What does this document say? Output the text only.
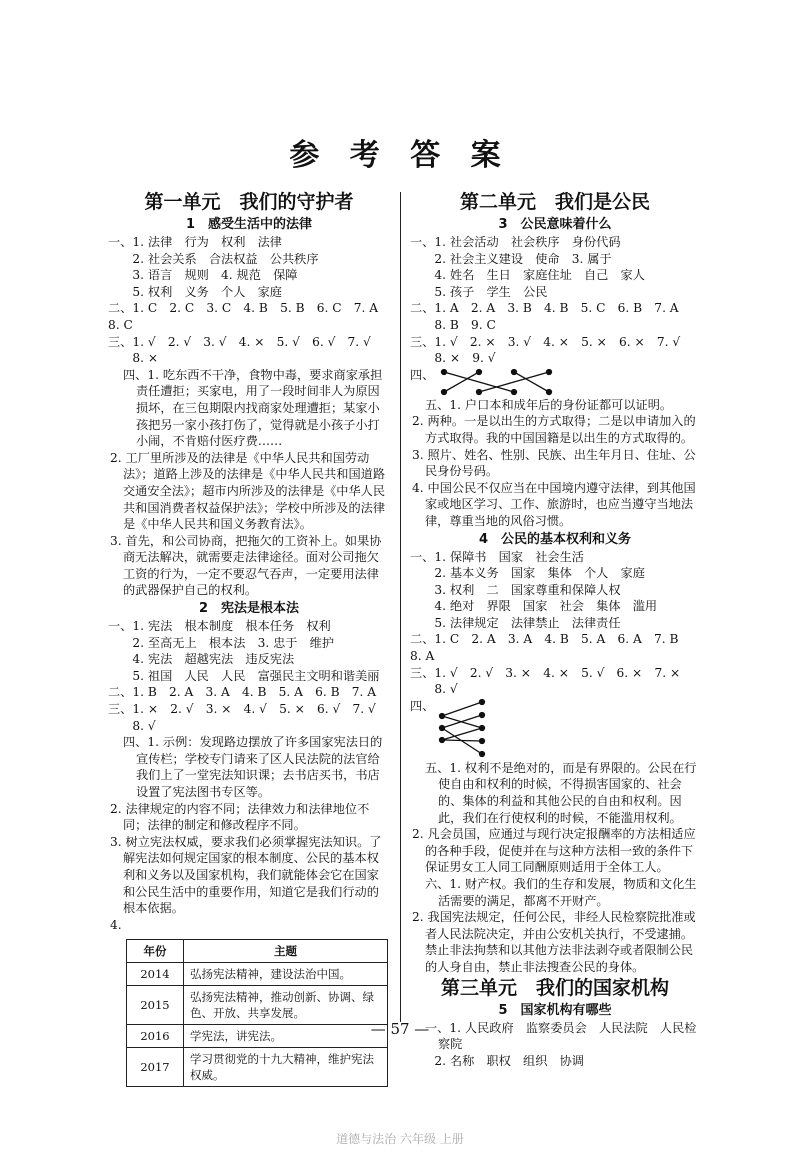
参 考 答 案
第一单元　我们的守护者
1　感受生活中的法律
一、1. 法律　行为　权利　法律
　　2. 社会关系　合法权益　公共秩序
　　3. 语言　规则　4. 规范　保障
　　5. 权利　义务　个人　家庭
二、1. C　2. C　3. C　4. B　5. B　6. C　7. A　8. C
三、1. √　2. √　3. √　4. ×　5. √　6. √　7. √
　　8. ×
四、1. 吃东西不干净，食物中毒，要求商家承担责任遭拒；买家电，用了一段时间非人为原因损坏，在三包期限内找商家处理遭拒；某家小孩把另一家小孩打伤了，觉得就是小孩子小打小闹，不肯赔付医疗费……
2. 工厂里所涉及的法律是《中华人民共和国劳动法》；道路上涉及的法律是《中华人民共和国道路交通安全法》；超市内所涉及的法律是《中华人民共和国消费者权益保护法》；学校中所涉及的法律是《中华人民共和国义务教育法》。
3. 首先，和公司协商，把拖欠的工资补上。如果协商无法解决，就需要走法律途径。面对公司拖欠工资的行为，一定不要忍气吞声，一定要用法律的武器保护自己的权利。
2　宪法是根本法
一、1. 宪法　根本制度　根本任务　权利
　　2. 至高无上　根本法　3. 忠于　维护
　　4. 宪法　超越宪法　违反宪法
　　5. 祖国　人民　人民　富强民主文明和谐美丽
二、1. B　2. A　3. A　4. B　5. A　6. B　7. A
三、1. ×　2. √　3. ×　4. √　5. ×　6. √　7. √
　　8. √
四、1. 示例：发现路边摆放了许多国家宪法日的宣传栏；学校专门请来了区人民法院的法官给我们上了一堂宪法知识课；去书店买书，书店设置了宪法图书专区等。
2. 法律规定的内容不同；法律效力和法律地位不同；法律的制定和修改程序不同。
3. 树立宪法权威，要求我们必须掌握宪法知识。了解宪法如何规定国家的根本制度、公民的基本权利和义务以及国家机构，我们就能体会它在国家和公民生活中的重要作用，知道它是我们行动的根本依据。
4.
年份	主题
2014	弘扬宪法精神，建设法治中国。
2015	弘扬宪法精神，推动创新、协调、绿色、开放、共享发展。
2016	学宪法，讲宪法。
2017	学习贯彻党的十九大精神，维护宪法权威。
第二单元　我们是公民
3　公民意味着什么
一、1. 社会活动　社会秩序　身份代码
　　2. 社会主义建设　使命　3. 属于
　　4. 姓名　生日　家庭住址　自己　家人
　　5. 孩子　学生　公民
二、1. A　2. A　3. B　4. B　5. C　6. B　7. A
　　8. B　9. C
三、1. √　2. ×　3. √　4. ×　5. ×　6. ×　7. √
　　8. ×　9. √
四、
五、1. 户口本和成年后的身份证都可以证明。
2. 两种。一是以出生的方式取得；二是以申请加入的方式取得。我的中国国籍是以出生的方式取得的。
3. 照片、姓名、性别、民族、出生年月日、住址、公民身份号码。
4. 中国公民不仅应当在中国境内遵守法律，到其他国家或地区学习、工作、旅游时，也应当遵守当地法律，尊重当地的风俗习惯。
4　公民的基本权利和义务
一、1. 保障书　国家　社会生活
　　2. 基本义务　国家　集体　个人　家庭
　　3. 权利　二　国家尊重和保障人权
　　4. 绝对　界限　国家　社会　集体　滥用
　　5. 法律规定　法律禁止　法律责任
二、1. C　2. A　3. A　4. B　5. A　6. A　7. B　8. A
三、1. √　2. √　3. ×　4. ×　5. √　6. ×　7. ×
　　8. √
四、
五、1. 权利不是绝对的，而是有界限的。公民在行使自由和权利的时候，不得损害国家的、社会的、集体的利益和其他公民的自由和权利。因此，我们在行使权利的时候，不能滥用权利。
2. 凡会员国，应通过与现行决定报酬率的方法相适应的各种手段，促使并在与这种方法相一致的条件下保证男女工人同工同酬原则适用于全体工人。
六、1. 财产权。我们的生存和发展，物质和文化生活需要的满足，都离不开财产。
2. 我国宪法规定，任何公民，非经人民检察院批准或者人民法院决定，并由公安机关执行，不受逮捕。禁止非法拘禁和以其他方法非法剥夺或者限制公民的人身自由，禁止非法搜查公民的身体。
第三单元　我们的国家机构
5　国家机构有哪些
一、1. 人民政府　监察委员会　人民法院　人民检察院
　　2. 名称　职权　组织　协调
— 57 —
道德与法治 六年级 上册
